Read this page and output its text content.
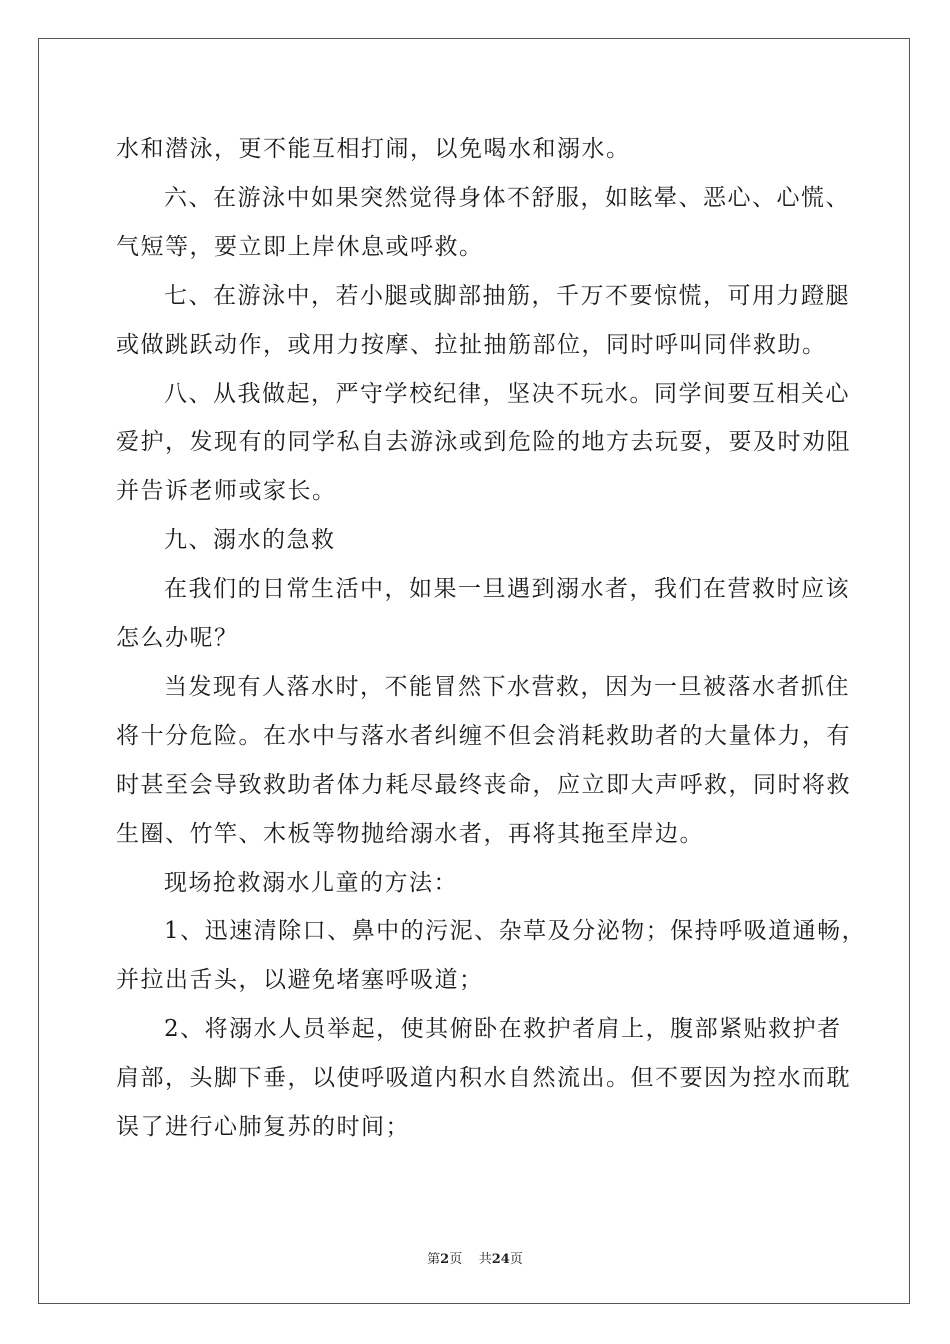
水和潜泳，更不能互相打闹，以免喝水和溺水。
六、在游泳中如果突然觉得身体不舒服，如眩晕、恶心、心慌、
气短等，要立即上岸休息或呼救。
七、在游泳中，若小腿或脚部抽筋，千万不要惊慌，可用力蹬腿
或做跳跃动作，或用力按摩、拉扯抽筋部位，同时呼叫同伴救助。
八、从我做起，严守学校纪律，坚决不玩水。同学间要互相关心
爱护，发现有的同学私自去游泳或到危险的地方去玩耍，要及时劝阻
并告诉老师或家长。
九、溺水的急救
在我们的日常生活中，如果一旦遇到溺水者，我们在营救时应该
怎么办呢？
当发现有人落水时，不能冒然下水营救，因为一旦被落水者抓住
将十分危险。在水中与落水者纠缠不但会消耗救助者的大量体力，有
时甚至会导致救助者体力耗尽最终丧命，应立即大声呼救，同时将救
生圈、竹竿、木板等物抛给溺水者，再将其拖至岸边。
现场抢救溺水儿童的方法：
1、迅速清除口、鼻中的污泥、杂草及分泌物；保持呼吸道通畅，
并拉出舌头，以避免堵塞呼吸道；
2、将溺水人员举起，使其俯卧在救护者肩上，腹部紧贴救护者
肩部，头脚下垂，以使呼吸道内积水自然流出。但不要因为控水而耽
误了进行心肺复苏的时间；
第2页 共24页
